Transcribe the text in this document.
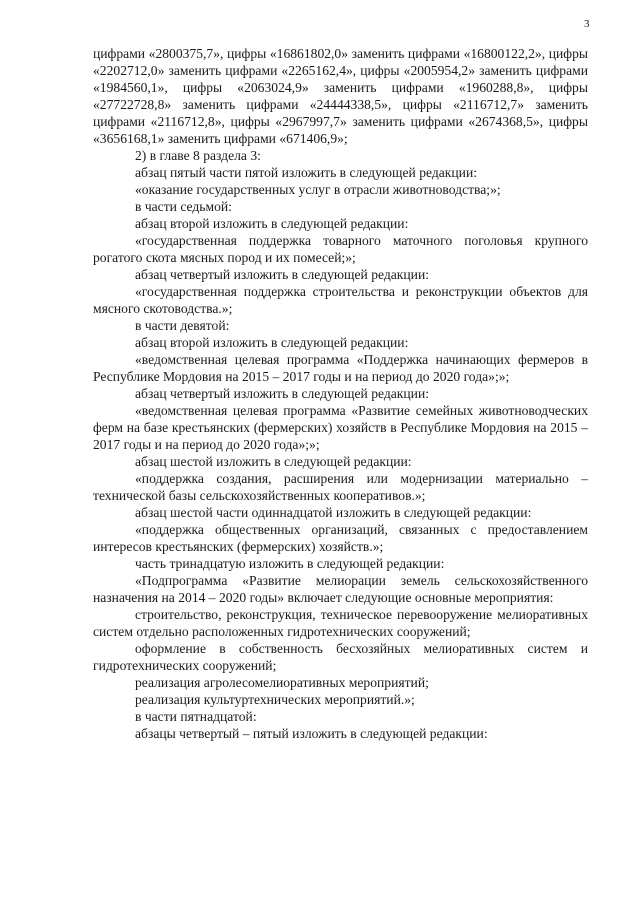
3

цифрами «2800375,7», цифры «16861802,0» заменить цифрами «16800122,2», цифры «2202712,0» заменить цифрами «2265162,4», цифры «2005954,2» заменить цифрами «1984560,1», цифры «2063024,9» заменить цифрами «1960288,8», цифры «27722728,8» заменить цифрами «24444338,5», цифры «2116712,7» заменить цифрами «2116712,8», цифры «2967997,7» заменить цифрами «2674368,5», цифры «3656168,1» заменить цифрами «671406,9»;

2) в главе 8 раздела 3:

абзац пятый части пятой изложить в следующей редакции:

«оказание государственных услуг в отрасли животноводства;»;

в части седьмой:

абзац второй изложить в следующей редакции:

«государственная поддержка товарного маточного поголовья крупного рогатого скота мясных пород и их помесей;»;

абзац четвертый изложить в следующей редакции:

«государственная поддержка строительства и реконструкции объектов для мясного скотоводства.»;

в части девятой:

абзац второй изложить в следующей редакции:

«ведомственная целевая программа «Поддержка начинающих фермеров в Республике Мордовия на 2015 – 2017 годы и на период до 2020 года»;»;

абзац четвертый изложить в следующей редакции:

«ведомственная целевая программа «Развитие семейных животноводческих ферм на базе крестьянских (фермерских) хозяйств в Республике Мордовия на 2015 – 2017 годы и на период до 2020 года»;»;

абзац шестой изложить в следующей редакции:

«поддержка создания, расширения или модернизации материально – технической базы сельскохозяйственных кооперативов.»;

абзац шестой части одиннадцатой изложить в следующей редакции:

«поддержка общественных организаций, связанных с предоставлением интересов крестьянских (фермерских) хозяйств.»;

часть тринадцатую изложить в следующей редакции:

«Подпрограмма «Развитие мелиорации земель сельскохозяйственного назначения на 2014 – 2020 годы» включает следующие основные мероприятия:

строительство, реконструкция, техническое перевооружение мелиоративных систем отдельно расположенных гидротехнических сооружений;

оформление в собственность бесхозяйных мелиоративных систем и гидротехнических сооружений;

реализация агролесомелиоративных мероприятий;

реализация культуртехнических мероприятий.»;

в части пятнадцатой:

абзацы четвертый – пятый изложить в следующей редакции:
